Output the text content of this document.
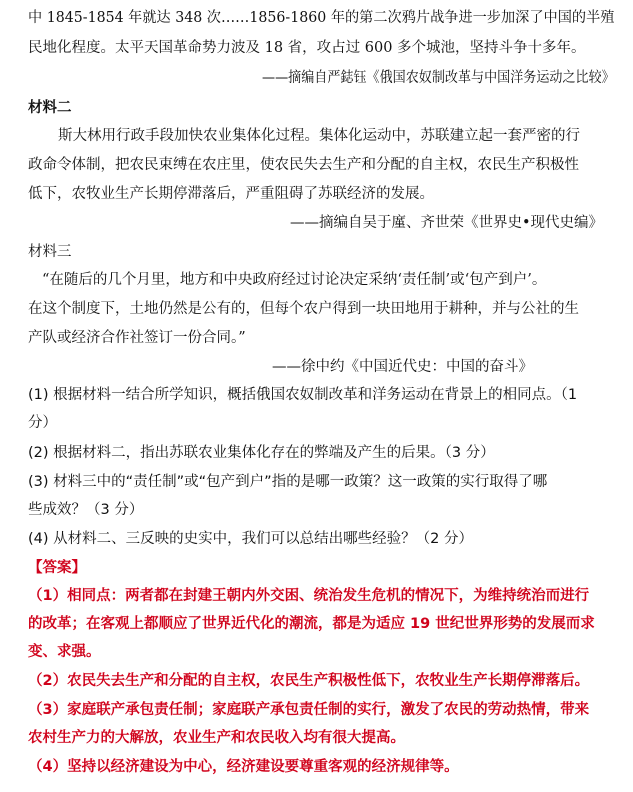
中 1845-1854 年就达 348 次……1856-1860 年的第二次鸦片战争进一步加深了中国的半殖
民地化程度。太平天国革命势力波及 18 省，攻占过 600 多个城池，坚持斗争十多年。
——摘编自严鋕钰《俄国农奴制改革与中国洋务运动之比较》
材料二
斯大林用行政手段加快农业集体化过程。集体化运动中，苏联建立起一套严密的行
政命令体制，把农民束缚在农庄里，使农民失去生产和分配的自主权，农民生产积极性
低下，农牧业生产长期停滞落后，严重阻碍了苏联经济的发展。
——摘编自吴于廑、齐世荣《世界史•现代史编》
材料三
“在随后的几个月里，地方和中央政府经过讨论决定采纳‘责任制’或‘包产到户’。
在这个制度下，土地仍然是公有的，但每个农户得到一块田地用于耕种，并与公社的生
产队或经济合作社签订一份合同。”
——徐中约《中国近代史：中国的奋斗》
(1) 根据材料一结合所学知识，概括俄国农奴制改革和洋务运动在背景上的相同点。（1
分）
(2) 根据材料二，指出苏联农业集体化存在的弊端及产生的后果。（3 分）
(3) 材料三中的“责任制”或“包产到户”指的是哪一政策？这一政策的实行取得了哪
些成效？（3 分）
(4) 从材料二、三反映的史实中，我们可以总结出哪些经验？（2 分）
【答案】
（1）相同点：两者都在封建王朝内外交困、统治发生危机的情况下，为维持统治而进行
的改革；在客观上都顺应了世界近代化的潮流，都是为适应 19 世纪世界形势的发展而求
变、求强。
（2）农民失去生产和分配的自主权，农民生产积极性低下，农牧业生产长期停滞落后。
（3）家庭联产承包责任制；家庭联产承包责任制的实行，激发了农民的劳动热情，带来
农村生产力的大解放，农业生产和农民收入均有很大提高。
（4）坚持以经济建设为中心，经济建设要尊重客观的经济规律等。
